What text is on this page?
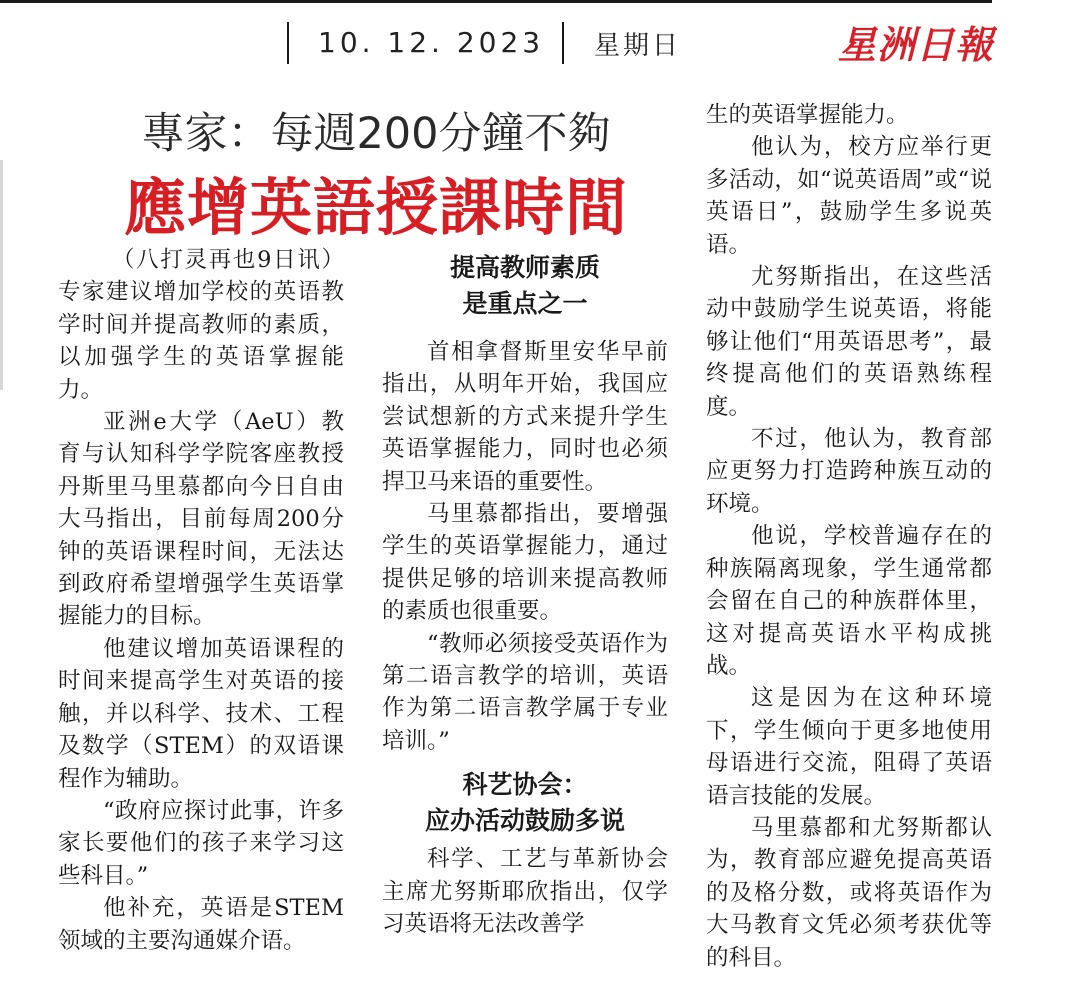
10. 12. 2023 星期日	星洲日報
專家：每週200分鐘不夠
應增英語授課時間

（八打灵再也9日讯）专家建议增加学校的英语教学时间并提高教师的素质，以加强学生的英语掌握能力。

亚洲e大学（AeU）教育与认知科学学院客座教授丹斯里马里慕都向今日自由大马指出，目前每周200分钟的英语课程时间，无法达到政府希望增强学生英语掌握能力的目标。

他建议增加英语课程的时间来提高学生对英语的接触，并以科学、技术、工程及数学（STEM）的双语课程作为辅助。

“政府应探讨此事，许多家长要他们的孩子来学习这些科目。”

他补充，英语是STEM领域的主要沟通媒介语。

提高教师素质
是重点之一

首相拿督斯里安华早前指出，从明年开始，我国应尝试想新的方式来提升学生英语掌握能力，同时也必须捍卫马来语的重要性。

马里慕都指出，要增强学生的英语掌握能力，通过提供足够的培训来提高教师的素质也很重要。

“教师必须接受英语作为第二语言教学的培训，英语作为第二语言教学属于专业培训。”

科艺协会：
应办活动鼓励多说

科学、工艺与革新协会主席尤努斯耶欣指出，仅学习英语将无法改善学

生的英语掌握能力。

他认为，校方应举行更多活动，如“说英语周”或“说英语日”，鼓励学生多说英语。

尤努斯指出，在这些活动中鼓励学生说英语，将能够让他们“用英语思考”，最终提高他们的英语熟练程度。

不过，他认为，教育部应更努力打造跨种族互动的环境。

他说，学校普遍存在的种族隔离现象，学生通常都会留在自己的种族群体里，这对提高英语水平构成挑战。

这是因为在这种环境下，学生倾向于更多地使用母语进行交流，阻碍了英语语言技能的发展。

马里慕都和尤努斯都认为，教育部应避免提高英语的及格分数，或将英语作为大马教育文凭必须考获优等的科目。
